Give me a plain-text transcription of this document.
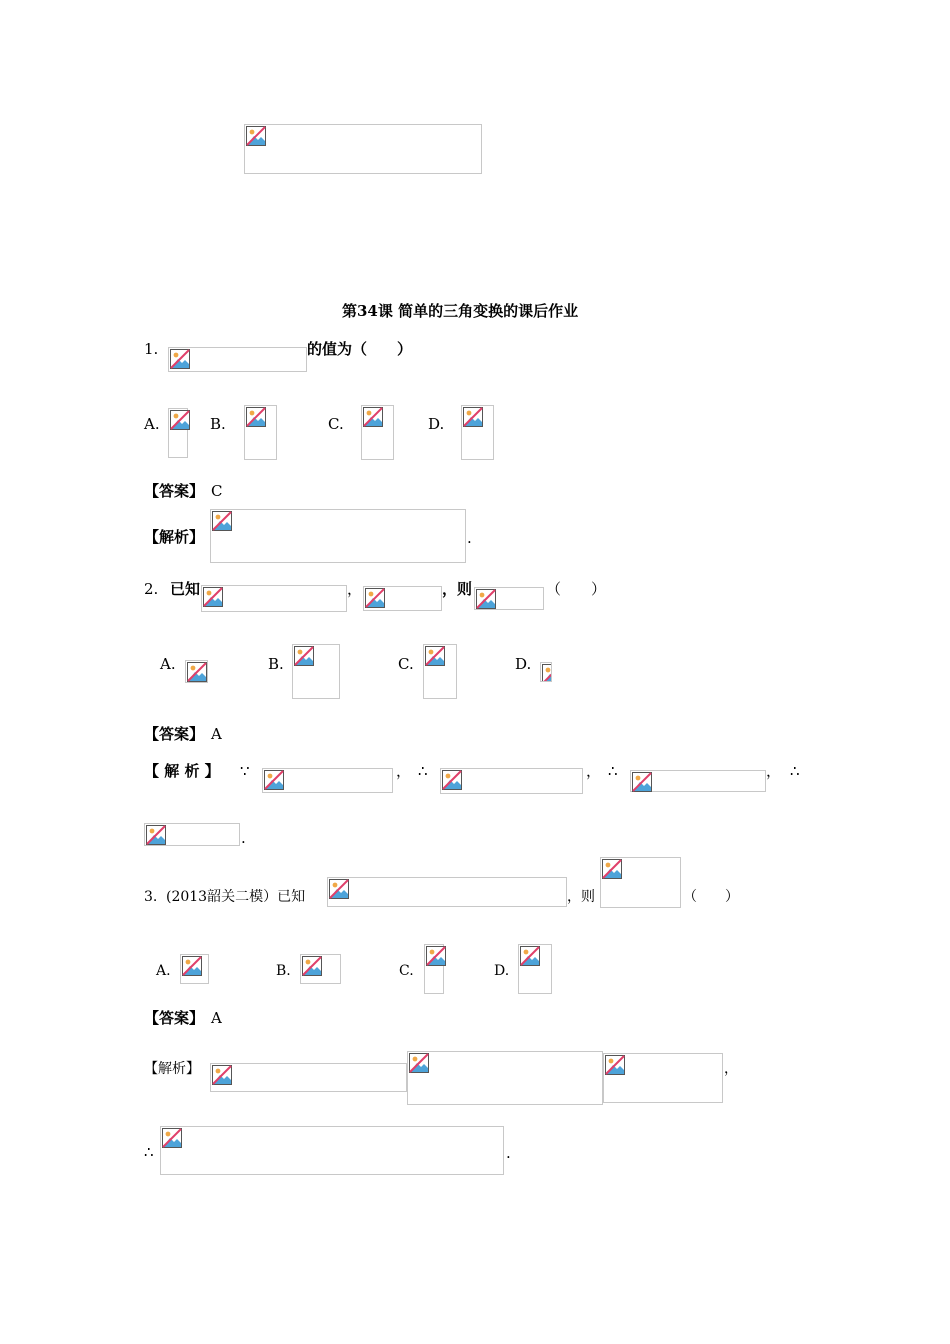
第34课 简单的三角变换的课后作业
1.	的值为（　　）
A.	B.	C.	D.
【答案】 C
【解析】	.
2. 已知	，	，则	（　　）
A.	B.	C.	D.
【答案】 A
【 解 析 】 ∵	， ∴	， ∴	， ∴
.
3. (2013韶关二模）已知	，则	（　　）
A.	B.	C.	D.
【答案】 A
【解析】	，
∴	.
